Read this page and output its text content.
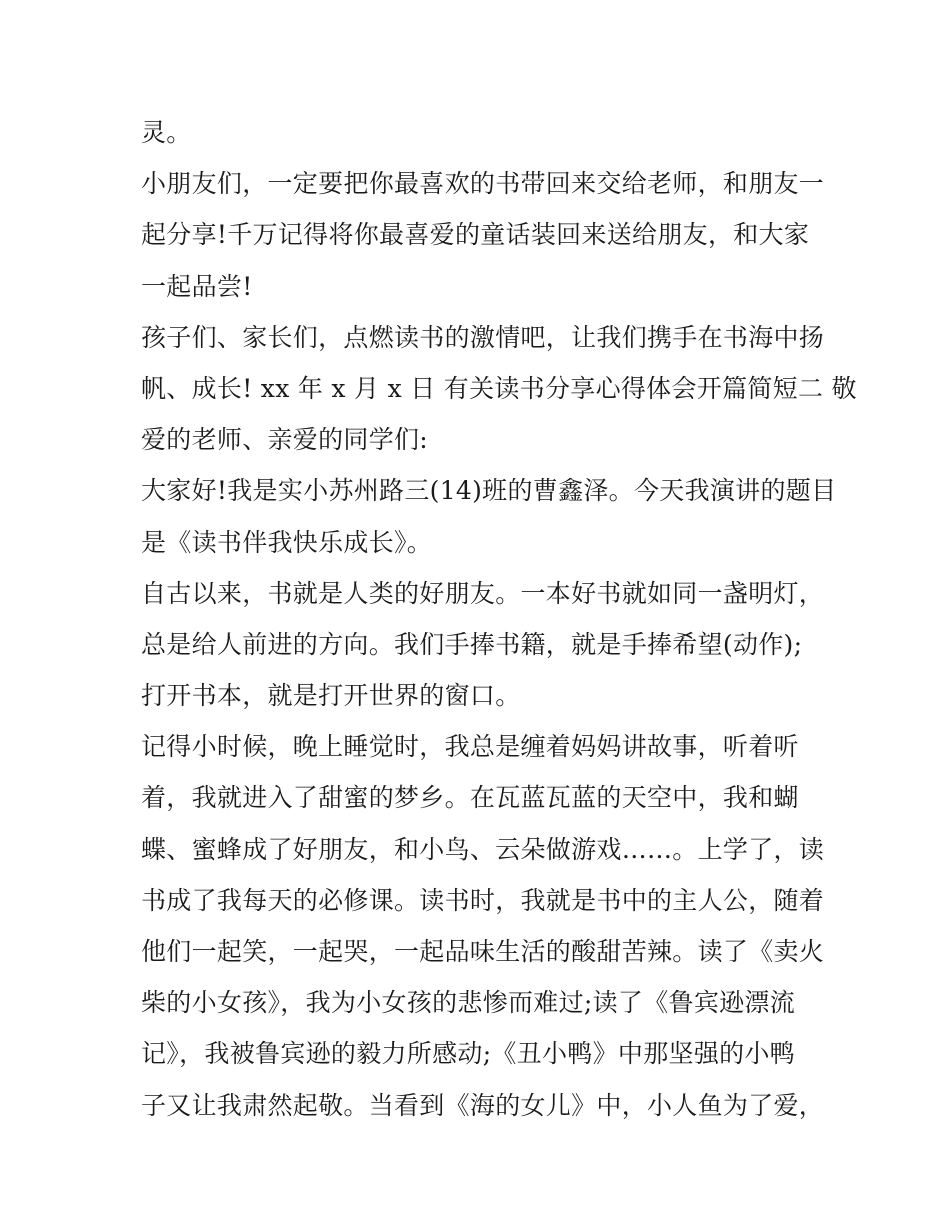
灵。
小朋友们，一定要把你最喜欢的书带回来交给老师，和朋友一
起分享!千万记得将你最喜爱的童话装回来送给朋友，和大家
一起品尝!
孩子们、家长们，点燃读书的激情吧，让我们携手在书海中扬
帆、成长! xx 年 x 月 x 日 有关读书分享心得体会开篇简短二 敬
爱的老师、亲爱的同学们:
大家好!我是实小苏州路三(14)班的曹鑫泽。今天我演讲的题目
是《读书伴我快乐成长》。
自古以来，书就是人类的好朋友。一本好书就如同一盏明灯，
总是给人前进的方向。我们手捧书籍，就是手捧希望(动作);
打开书本，就是打开世界的窗口。
记得小时候，晚上睡觉时，我总是缠着妈妈讲故事，听着听
着，我就进入了甜蜜的梦乡。在瓦蓝瓦蓝的天空中，我和蝴
蝶、蜜蜂成了好朋友，和小鸟、云朵做游戏……。上学了，读
书成了我每天的必修课。读书时，我就是书中的主人公，随着
他们一起笑，一起哭，一起品味生活的酸甜苦辣。读了《卖火
柴的小女孩》，我为小女孩的悲惨而难过;读了《鲁宾逊漂流
记》，我被鲁宾逊的毅力所感动;《丑小鸭》中那坚强的小鸭
子又让我肃然起敬。当看到《海的女儿》中，小人鱼为了爱，
